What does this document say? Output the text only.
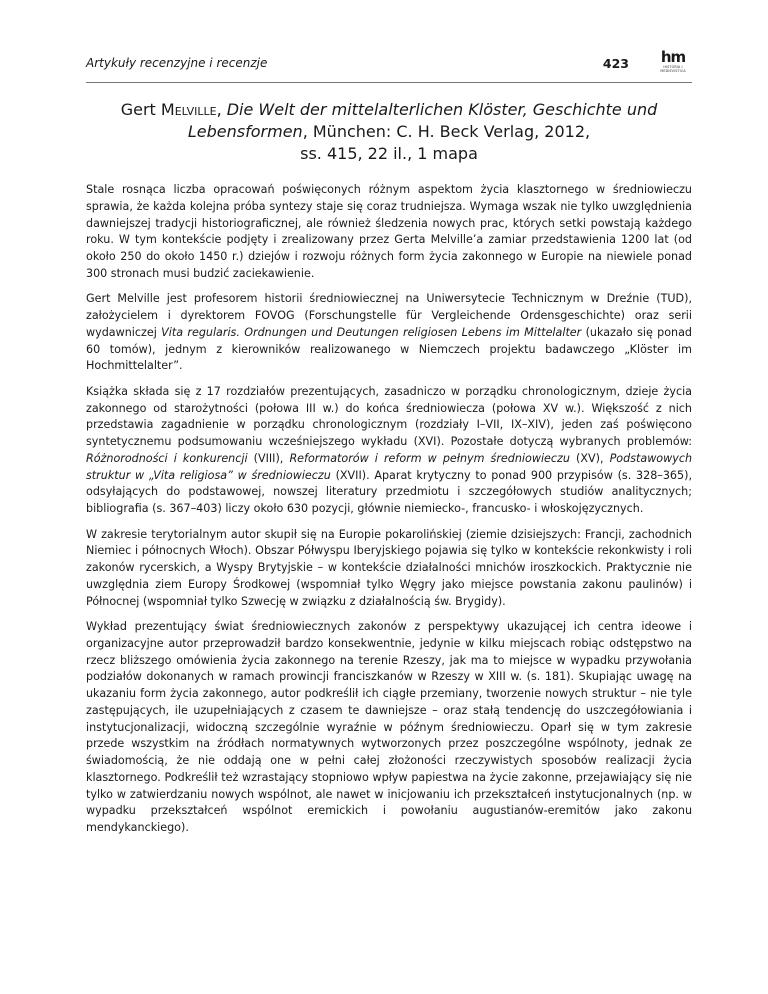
Artykuły recenzyjne i recenzje	423	hm
HISTORIA I
MEDIEVISTICA
Gert Melville, Die Welt der mittelalterlichen Klöster, Geschichte und Lebensformen, München: C. H. Beck Verlag, 2012,
ss. 415, 22 il., 1 mapa

Stale rosnąca liczba opracowań poświęconych różnym aspektom życia klasztornego w średniowieczu sprawia, że każda kolejna próba syntezy staje się coraz trudniejsza. Wymaga wszak nie tylko uwzględnienia dawniejszej tradycji historiograficznej, ale również śledzenia nowych prac, których setki powstają każdego roku. W tym kontekście podjęty i zrealizowany przez Gerta Melville’a zamiar przedstawienia 1200 lat (od około 250 do około 1450 r.) dziejów i rozwoju różnych form życia zakonnego w Europie na niewiele ponad 300 stronach musi budzić zaciekawienie.

Gert Melville jest profesorem historii średniowiecznej na Uniwersytecie Technicznym w Dreźnie (TUD), założycielem i dyrektorem FOVOG (Forschungstelle für Vergleichende Ordensgeschichte) oraz serii wydawniczej Vita regularis. Ordnungen und Deutungen religiosen Lebens im Mittelalter (ukazało się ponad 60 tomów), jednym z kierowników realizowanego w Niemczech projektu badawczego „Klöster im Hochmittelalter”.

Książka składa się z 17 rozdziałów prezentujących, zasadniczo w porządku chronologicznym, dzieje życia zakonnego od starożytności (połowa III w.) do końca średniowiecza (połowa XV w.). Większość z nich przedstawia zagadnienie w porządku chronologicznym (rozdziały I–VII, IX–XIV), jeden zaś poświęcono syntetycznemu podsumowaniu wcześniejszego wykładu (XVI). Pozostałe dotyczą wybranych problemów: Różnorodności i konkurencji (VIII), Reformatorów i reform w pełnym średniowieczu (XV), Podstawowych struktur w „Vita religiosa” w średniowieczu (XVII). Aparat krytyczny to ponad 900 przypisów (s. 328–365), odsyłających do podstawowej, nowszej literatury przedmiotu i szczegółowych studiów analitycznych; bibliografia (s. 367–403) liczy około 630 pozycji, głównie niemiecko-, francusko- i włoskojęzycznych.

W zakresie terytorialnym autor skupił się na Europie pokarolińskiej (ziemie dzisiejszych: Francji, zachodnich Niemiec i północnych Włoch). Obszar Półwyspu Iberyjskiego pojawia się tylko w kontekście rekonkwisty i roli zakonów rycerskich, a Wyspy Brytyjskie – w kontekście działalności mnichów iroszkockich. Praktycznie nie uwzględnia ziem Europy Środkowej (wspomniał tylko Węgry jako miejsce powstania zakonu paulinów) i Północnej (wspomniał tylko Szwecję w związku z działalnością św. Brygidy).

Wykład prezentujący świat średniowiecznych zakonów z perspektywy ukazującej ich centra ideowe i organizacyjne autor przeprowadził bardzo konsekwentnie, jedynie w kilku miejscach robiąc odstępstwo na rzecz bliższego omówienia życia zakonnego na terenie Rzeszy, jak ma to miejsce w wypadku przywołania podziałów dokonanych w ramach prowincji franciszkanów w Rzeszy w XIII w. (s. 181). Skupiając uwagę na ukazaniu form życia zakonnego, autor podkreślił ich ciągłe przemiany, tworzenie nowych struktur – nie tyle zastępujących, ile uzupełniających z czasem te dawniejsze – oraz stałą tendencję do uszczegółowiania i instytucjonalizacji, widoczną szczególnie wyraźnie w późnym średniowieczu. Oparł się w tym zakresie przede wszystkim na źródłach normatywnych wytworzonych przez poszczególne wspólnoty, jednak ze świadomością, że nie oddają one w pełni całej złożoności rzeczywistych sposobów realizacji życia klasztornego. Podkreślił też wzrastający stopniowo wpływ papiestwa na życie zakonne, przejawiający się nie tylko w zatwierdzaniu nowych wspólnot, ale nawet w inicjowaniu ich przekształceń instytucjonalnych (np. w wypadku przekształceń wspólnot eremickich i powołaniu augustianów-eremitów jako zakonu mendykanckiego).
